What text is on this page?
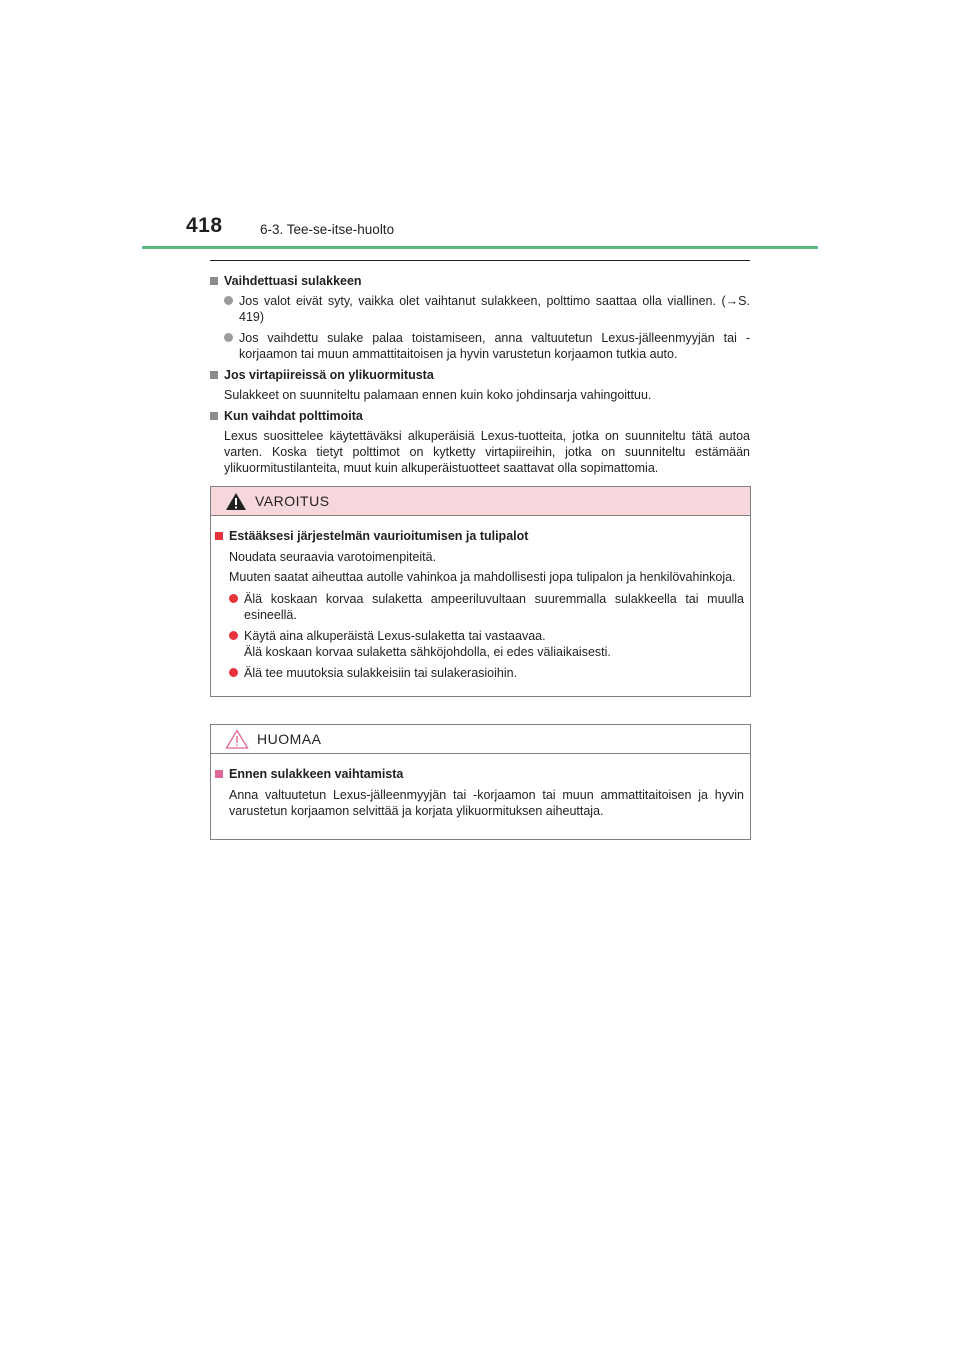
418	6-3. Tee-se-itse-huolto
Vaihdettuasi sulakkeen
Jos valot eivät syty, vaikka olet vaihtanut sulakkeen, polttimo saattaa olla viallinen. (→S. 419)
Jos vaihdettu sulake palaa toistamiseen, anna valtuutetun Lexus-jälleenmyyjän tai -korjaamon tai muun ammattitaitoisen ja hyvin varustetun korjaamon tutkia auto.
Jos virtapiireissä on ylikuormitusta
Sulakkeet on suunniteltu palamaan ennen kuin koko johdinsarja vahingoittuu.
Kun vaihdat polttimoita
Lexus suosittelee käytettäväksi alkuperäisiä Lexus-tuotteita, jotka on suunniteltu tätä autoa varten. Koska tietyt polttimot on kytketty virtapiireihin, jotka on suunniteltu estämään ylikuormitustilanteita, muut kuin alkuperäistuotteet saattavat olla sopimattomia.
VAROITUS
Estääksesi järjestelmän vaurioitumisen ja tulipalot
Noudata seuraavia varotoimenpiteitä.
Muuten saatat aiheuttaa autolle vahinkoa ja mahdollisesti jopa tulipalon ja henkilövahinkoja.
Älä koskaan korvaa sulaketta ampeeriluvultaan suuremmalla sulakkeella tai muulla esineellä.
Käytä aina alkuperäistä Lexus-sulaketta tai vastaavaa.
Älä koskaan korvaa sulaketta sähköjohdolla, ei edes väliaikaisesti.
Älä tee muutoksia sulakkeisiin tai sulakerasioihin.
HUOMAA
Ennen sulakkeen vaihtamista
Anna valtuutetun Lexus-jälleenmyyjän tai -korjaamon tai muun ammattitaitoisen ja hyvin varustetun korjaamon selvittää ja korjata ylikuormituksen aiheuttaja.
